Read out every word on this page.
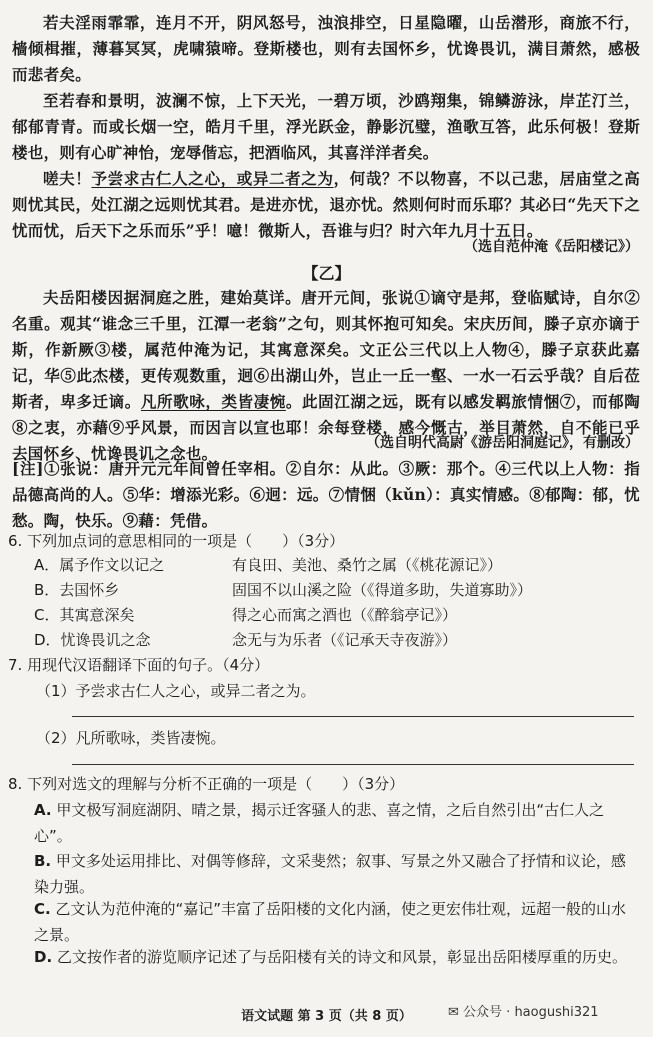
若夫淫雨霏霏，连月不开，阴风怒号，浊浪排空，日星隐曜，山岳潜形，商旅不行，樯倾楫摧，薄暮冥冥，虎啸猿啼。登斯楼也，则有去国怀乡，忧谗畏讥，满目萧然，感极而悲者矣。

至若春和景明，波澜不惊，上下天光，一碧万顷，沙鸥翔集，锦鳞游泳，岸芷汀兰，郁郁青青。而或长烟一空，皓月千里，浮光跃金，静影沉璧，渔歌互答，此乐何极！登斯楼也，则有心旷神怡，宠辱偕忘，把酒临风，其喜洋洋者矣。

嗟夫！予尝求古仁人之心，或异二者之为，何哉？不以物喜，不以己悲，居庙堂之高则忧其民，处江湖之远则忧其君。是进亦忧，退亦忧。然则何时而乐耶？其必曰“先天下之忧而忧，后天下之乐而乐”乎！噫！微斯人，吾谁与归？时六年九月十五日。

（选自范仲淹《岳阳楼记》）
【乙】

夫岳阳楼因据洞庭之胜，建始莫详。唐开元间，张说①谪守是邦，登临赋诗，自尔②名重。观其“谁念三千里，江潭一老翁”之句，则其怀抱可知矣。宋庆历间，滕子京亦谪于斯，作新厥③楼，属范仲淹为记，其寓意深矣。文正公三代以上人物④，滕子京获此嘉记，华⑤此杰楼，更传观数重，迥⑥出湖山外，岂止一丘一壑、一水一石云乎哉？自后莅斯者，卑多迁谪。凡所歌咏，类皆凄惋。此固江湖之远，既有以感发羁旅情悃⑦，而郁陶⑧之衷，亦藉⑨乎风景，而因言以宣也耶！余每登楼，感今慨古，举目萧然，自不能已乎去国怀乡、忧谗畏讥之念也。

（选自明代高尉《游岳阳洞庭记》，有删改）
[注]①张说：唐开元元年间曾任宰相。②自尔：从此。③厥：那个。④三代以上人物：指品德高尚的人。⑤华：增添光彩。⑥迥：远。⑦情悃（kǔn）：真实情感。⑧郁陶：郁，忧愁。陶，快乐。⑨藉：凭借。
6. 下列加点词的意思相同的一项是（　　）（3分）
A．属予作文以记之	有良田、美池、桑竹之属（《桃花源记》）
B．去国怀乡	固国不以山溪之险（《得道多助，失道寡助》）
C．其寓意深矣	得之心而寓之酒也（《醉翁亭记》）
D．忧谗畏讥之念	念无与为乐者（《记承天寺夜游》）
7. 用现代汉语翻译下面的句子。（4分）
（1）予尝求古仁人之心，或异二者之为。
（2）凡所歌咏，类皆凄惋。
8. 下列对选文的理解与分析不正确的一项是（　　）（3分）
A. 甲文极写洞庭湖阴、晴之景，揭示迁客骚人的悲、喜之情，之后自然引出“古仁人之心”。
B. 甲文多处运用排比、对偶等修辞，文采斐然；叙事、写景之外又融合了抒情和议论，感染力强。
C. 乙文认为范仲淹的“嘉记”丰富了岳阳楼的文化内涵，使之更宏伟壮观，远超一般的山水之景。
D. 乙文按作者的游览顺序记述了与岳阳楼有关的诗文和风景，彰显出岳阳楼厚重的历史。
语文试题 第 3 页（共 8 页）	✉ 公众号 · haogushi321
